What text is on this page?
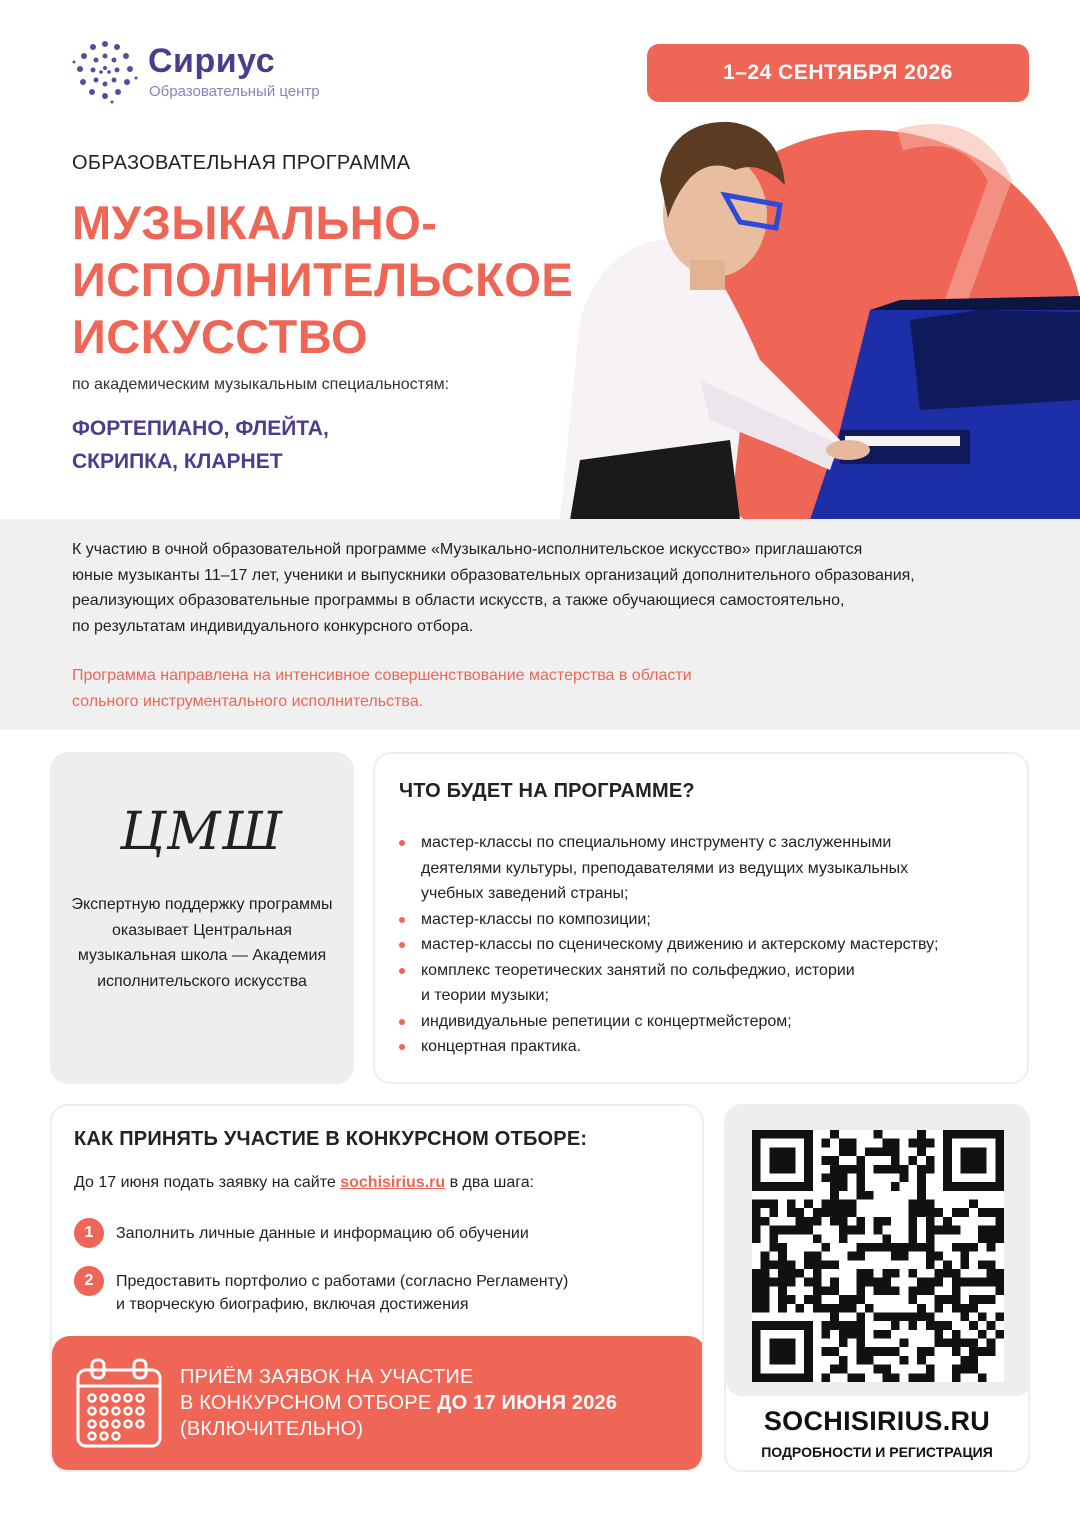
Сириус
Образовательный центр
1–24 СЕНТЯБРЯ 2026
ОБРАЗОВАТЕЛЬНАЯ ПРОГРАММА
МУЗЫКАЛЬНО-
ИСПОЛНИТЕЛЬСКОЕ
ИСКУССТВО
по академическим музыкальным специальностям:
ФОРТЕПИАНО, ФЛЕЙТА,
СКРИПКА, КЛАРНЕТ
К участию в очной образовательной программе «Музыкально-исполнительское искусство» приглашаются
юные музыканты 11–17 лет, ученики и выпускники образовательных организаций дополнительного образования,
реализующих образовательные программы в области искусств, а также обучающиеся самостоятельно,
по результатам индивидуального конкурсного отбора.
Программа направлена на интенсивное совершенствование мастерства в области
сольного инструментального исполнительства.
ЦМШ
Экспертную поддержку программы оказывает Центральная музыкальная школа — Академия исполнительского искусства
ЧТО БУДЕТ НА ПРОГРАММЕ?
мастер-классы по специальному инструменту с заслуженными
деятелями культуры, преподавателями из ведущих музыкальных
учебных заведений страны;
мастер-классы по композиции;
мастер-классы по сценическому движению и актерскому мастерству;
комплекс теоретических занятий по сольфеджио, истории
и теории музыки;
индивидуальные репетиции с концертмейстером;
концертная практика.
КАК ПРИНЯТЬ УЧАСТИЕ В КОНКУРСНОМ ОТБОРЕ:
До 17 июня подать заявку на сайте sochisirius.ru в два шага:
1	Заполнить личные данные и информацию об обучении
2	Предоставить портфолио с работами (согласно Регламенту)
и творческую биографию, включая достижения
ПРИЁМ ЗАЯВОК НА УЧАСТИЕ
В КОНКУРСНОМ ОТБОРЕ ДО 17 ИЮНЯ 2026
(ВКЛЮЧИТЕЛЬНО)	SOCHISIRIUS.RU
ПОДРОБНОСТИ И РЕГИСТРАЦИЯ
